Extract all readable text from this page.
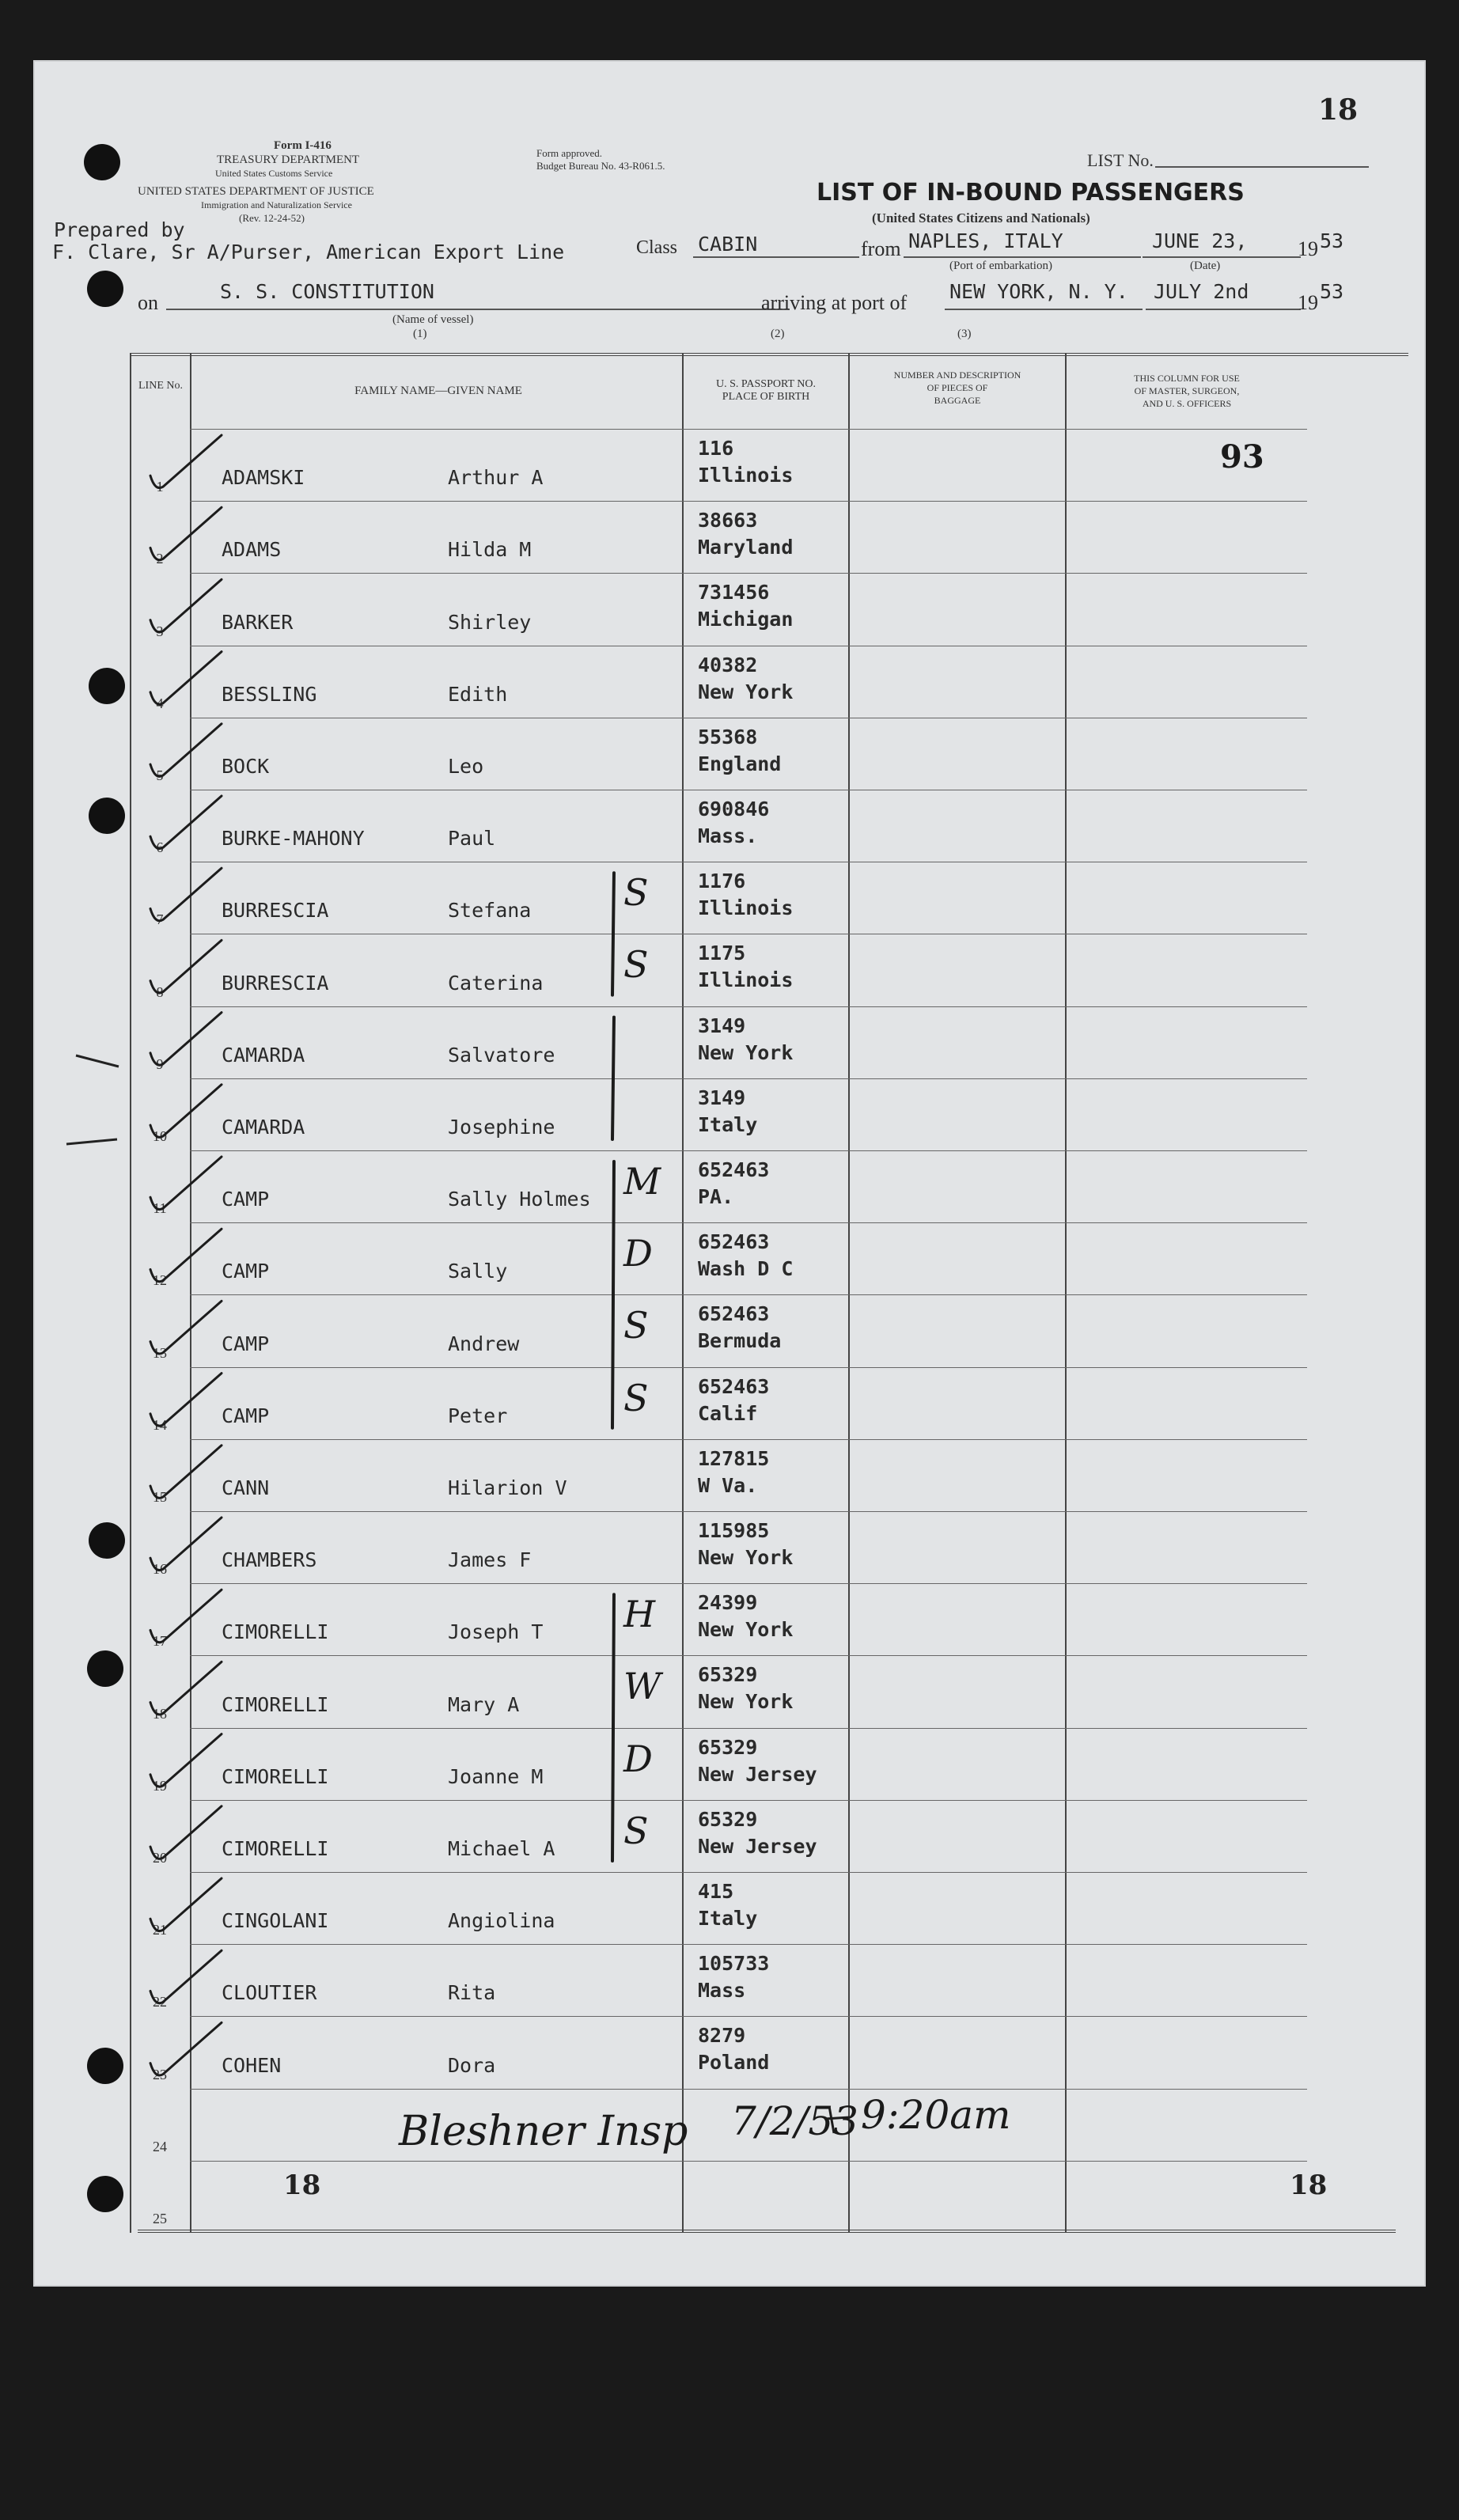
18
Form I-416
TREASURY DEPARTMENT
United States Customs Service
UNITED STATES DEPARTMENT OF JUSTICE
Immigration and Naturalization Service
(Rev. 12-24-52)
Form approved.
Budget Bureau No. 43-R061.5.
Prepared by
F. Clare, Sr A/Purser, American Export Line
LIST No.
LIST OF IN-BOUND PASSENGERS
(United States Citizens and Nationals)
Class CABIN	from NAPLES, ITALY
(Port of embarkation)
JUNE 23,
(Date)
19 53
on	S. S. CONSTITUTION
(Name of vessel)
(1)
arriving at port of
(2)
NEW YORK, N. Y.
(3)
JULY 2nd 19 53
LINE No.	FAMILY NAME—GIVEN NAME
U. S. PASSPORT NO.
PLACE OF BIRTH
NUMBER AND DESCRIPTION
OF PIECES OF
BAGGAGE
THIS COLUMN FOR USE
OF MASTER, SURGEON,
AND U. S. OFFICERS
93
1	ADAMSKI	Arthur A
116
Illinois
2	ADAMS	Hilda M
38663
Maryland
3	BARKER	Shirley
731456
Michigan
4	BESSLING	Edith
40382
New York
5	BOCK	Leo
55368
England
6	BURKE-MAHONY	Paul
690846
Mass.
7	BURRESCIA	Stefana
1176
Illinois
S
8	BURRESCIA	Caterina
1175
Illinois
S
9	CAMARDA	Salvatore
3149
New York
10	CAMARDA	Josephine
3149
Italy
11	CAMP	Sally Holmes
652463
PA.
M
12	CAMP	Sally
652463
Wash D C
D
13	CAMP	Andrew
652463
Bermuda
S
14	CAMP	Peter
652463
Calif
S
15	CANN	Hilarion V
127815
W Va.
16	CHAMBERS	James F
115985
New York
17	CIMORELLI	Joseph T
24399
New York
H
18	CIMORELLI	Mary A
65329
New York
W
19	CIMORELLI	Joanne M
65329
New Jersey
D
20	CIMORELLI	Michael A
65329
New Jersey
S
21	CINGOLANI	Angiolina
415
Italy
22	CLOUTIER	Rita
105733
Mass
23	COHEN	Dora
8279
Poland
24
25
Bleshner Insp 7/2/53 9:20am
18	18
